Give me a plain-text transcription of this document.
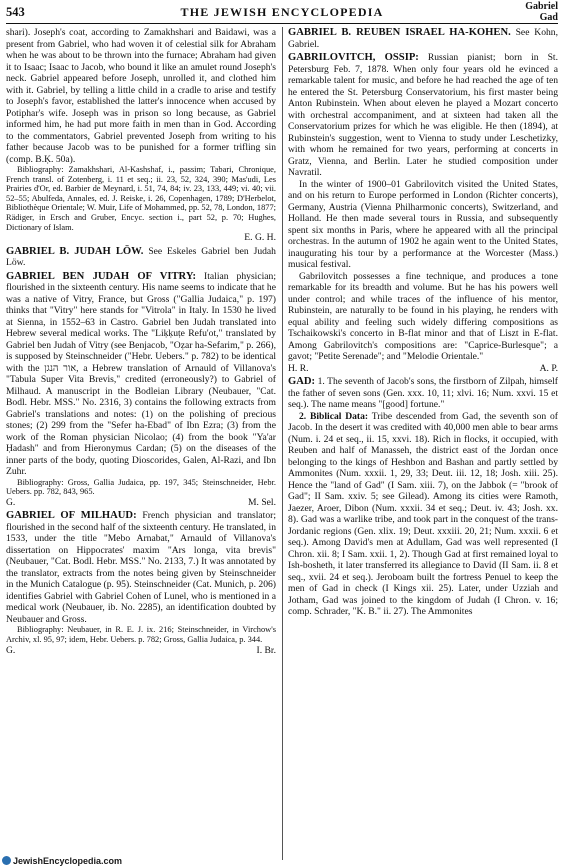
543	THE JEWISH ENCYCLOPEDIA	Gabriel
Gad

shari). Joseph's coat, according to Zamakhshari and Baidawi, was a present from Gabriel, who had woven it of celestial silk for Abraham when he was about to be thrown into the furnace; Abraham had given it to Isaac; Isaac to Jacob, who bound it like an amulet round Joseph's neck. Gabriel appeared before Joseph, unrolled it, and clothed him with it. Gabriel, by telling a little child in a cradle to arise and testify to Joseph's favor, established the latter's innocence when accused by Potiphar's wife. Joseph was in prison so long because, as Gabriel informed him, he had put more faith in men than in God. According to the commentators, Gabriel prevented Joseph from writing to his father because Jacob was to be punished for a former trifling sin (comp. B.Ḳ. 50a).

Bibliography: Zamakhshari, Al-Kashshaf, i., passim; Tabari, Chronique, French transl. of Zotenberg, i. 11 et seq.; ii. 23, 52, 324, 390; Mas'udi, Les Prairies d'Or, ed. Barbier de Meynard, i. 51, 74, 84; iv. 23, 133, 449; vi. 40; vii. 52–55; Abulfeda, Annales, ed. J. Reiske, i. 26, Copenhagen, 1789; D'Herbelot, Bibliothèque Orientale; W. Muir, Life of Mohammed, pp. 52, 78, London, 1877; Rädiger, in Ersch and Gruber, Encyc. section i., part 52, p. 70; Hughes, Dictionary of Islam.

E. G. H.

GABRIEL B. JUDAH LÖW. See Eskeles Gabriel ben Judah Löw.

GABRIEL BEN JUDAH OF VITRY: Italian physician; flourished in the sixteenth century. His name seems to indicate that he was a native of Vitry, France, but Gross ("Gallia Judaica," p. 197) thinks that "Vitry" here stands for "Vitrola" in Italy. In 1530 he lived at Sienna, in 1552–63 in Castro. Gabriel ben Judah translated into Hebrew several medical works. The "Liḳḳuṭe Refu'ot," translated by Gabriel ben Judah of Vitry (see Benjacob, "Oẓar ha-Sefarim," p. 266), is supposed by Steinschneider ("Hebr. Uebers." p. 782) to be identical with the אור הנגן, a Hebrew translation of Arnauld of Villanova's "Tabula Super Vita Brevis," credited (erroneously?) to Gabriel of Milhaud. A manuscript in the Bodleian Library (Neubauer, "Cat. Bodl. Hebr. MSS." No. 2316, 3) contains the following extracts from Gabriel's translations and notes: (1) on the polishing of precious stones; (2) 299 from the "Sefer ha-Ebad" of Ibn Ezra; (3) from the work of the Roman physician Nicolao; (4) from the book "Ya'ar Ḥadash" and from Hieronymus Cardan; (5) on the diseases of the inner parts of the body, quoting Dioscorides, Galen, Al-Razi, and Ibn Zuhr.

Bibliography: Gross, Gallia Judaica, pp. 197, 345; Steinschneider, Hebr. Uebers. pp. 782, 843, 965.

G.	M. Sel.

GABRIEL OF MILHAUD: French physician and translator; flourished in the second half of the sixteenth century. He translated, in 1533, under the title "Mebo Arnabat," Arnauld of Villanova's dissertation on Hippocrates' maxim "Ars longa, vita brevis" (Neubauer, "Cat. Bodl. Hebr. MSS." No. 2133, 7.) It was annotated by the translator, extracts from the notes being given by Steinschneider in the Munich Catalogue (p. 95). Steinschneider (Cat. Munich, p. 206) identifies Gabriel with Gabriel Cohen of Lunel, who is mentioned in a medical work (Neubauer, ib. No. 2285), an identification doubted by Neubauer and Gross.

Bibliography: Neubauer, in R. E. J. ix. 216; Steinschneider, in Virchow's Archiv, xl. 95, 97; idem, Hebr. Uebers. p. 782; Gross, Gallia Judaica, p. 344.

G.	I. Br.

GABRIEL B. REUBEN ISRAEL HA-KOHEN. See Kohn, Gabriel.

GABRILOVITCH, OSSIP: Russian pianist; born in St. Petersburg Feb. 7, 1878. When only four years old he evinced a remarkable talent for music, and before he had reached the age of ten he entered the St. Petersburg Conservatorium, his first master being Anton Rubinstein. When about eleven he played a Mozart concerto with orchestral accompaniment, and at sixteen had taken all the Conservatorium prizes for which he was eligible. He then (1894), at Rubinstein's suggestion, went to Vienna to study under Leschetizky, with whom he remained for two years, performing at concerts in Gratz, Vienna, and Berlin. Later he studied composition under Navratil.

In the winter of 1900–01 Gabrilovitch visited the United States, and on his return to Europe performed in London (Richter concerts), Germany, Austria (Vienna Philharmonic concerts), Switzerland, and Holland. He then made several tours in Russia, and subsequently spent six months in Paris, where he appeared with all the principal orchestras. In the autumn of 1902 he again went to the United States, inaugurating his tour by a performance at the Worcester (Mass.) musical festival.

Gabrilovitch possesses a fine technique, and produces a tone remarkable for its breadth and volume. But he has his powers well under control; and while traces of the influence of his mentor, Rubinstein, are naturally to be found in his playing, he renders with equal ability and feeling such widely differing compositions as Tschaikowski's concerto in B-flat minor and that of Liszt in E-flat. Among Gabrilovitch's compositions are: "Caprice-Burlesque"; a gavot; "Petite Serenade"; and "Melodie Orientale."

H. R.	A. P.

GAD: 1. The seventh of Jacob's sons, the firstborn of Zilpah, himself the father of seven sons (Gen. xxx. 10, 11; xlvi. 16; Num. xxvi. 15 et seq.). The name means "[good] fortune."

2. Biblical Data: Tribe descended from Gad, the seventh son of Jacob. In the desert it was credited with 40,000 men able to bear arms (Num. i. 24 et seq., ii. 15, xxvi. 18). Rich in flocks, it occupied, with Reuben and half of Manasseh, the district east of the Jordan once belonging to the kings of Heshbon and Bashan and partly settled by Ammonites (Num. xxxii. 1, 29, 33; Deut. iii. 12, 18; Josh. xiii. 25). Hence the "land of Gad" (I Sam. xiii. 7), on the Jabbok (= "brook of Gad"; II Sam. xxiv. 5; see Gilead). Among its cities were Ramoth, Jaezer, Aroer, Dibon (Num. xxxii. 34 et seq.; Deut. iv. 43; Josh. xx. 8). Gad was a warlike tribe, and took part in the conquest of the trans-Jordanic regions (Gen. xlix. 19; Deut. xxxiii. 20, 21; Num. xxxii. 6 et seq.). Among David's men at Adullam, Gad was well represented (I Chron. xii. 8; I Sam. xxii. 1, 2). Though Gad at first remained loyal to Ish-bosheth, it later transferred its allegiance to David (II Sam. ii. 8 et seq., xvii. 24 et seq.). Jeroboam built the fortress Penuel to keep the men of Gad in check (I Kings xii. 25). Later, under Uzziah and Jotham, Gad was joined to the kingdom of Judah (I Chron. v. 16; comp. Schrader, "K. B." ii. 27). The Ammonites

JewishEncyclopedia.com
